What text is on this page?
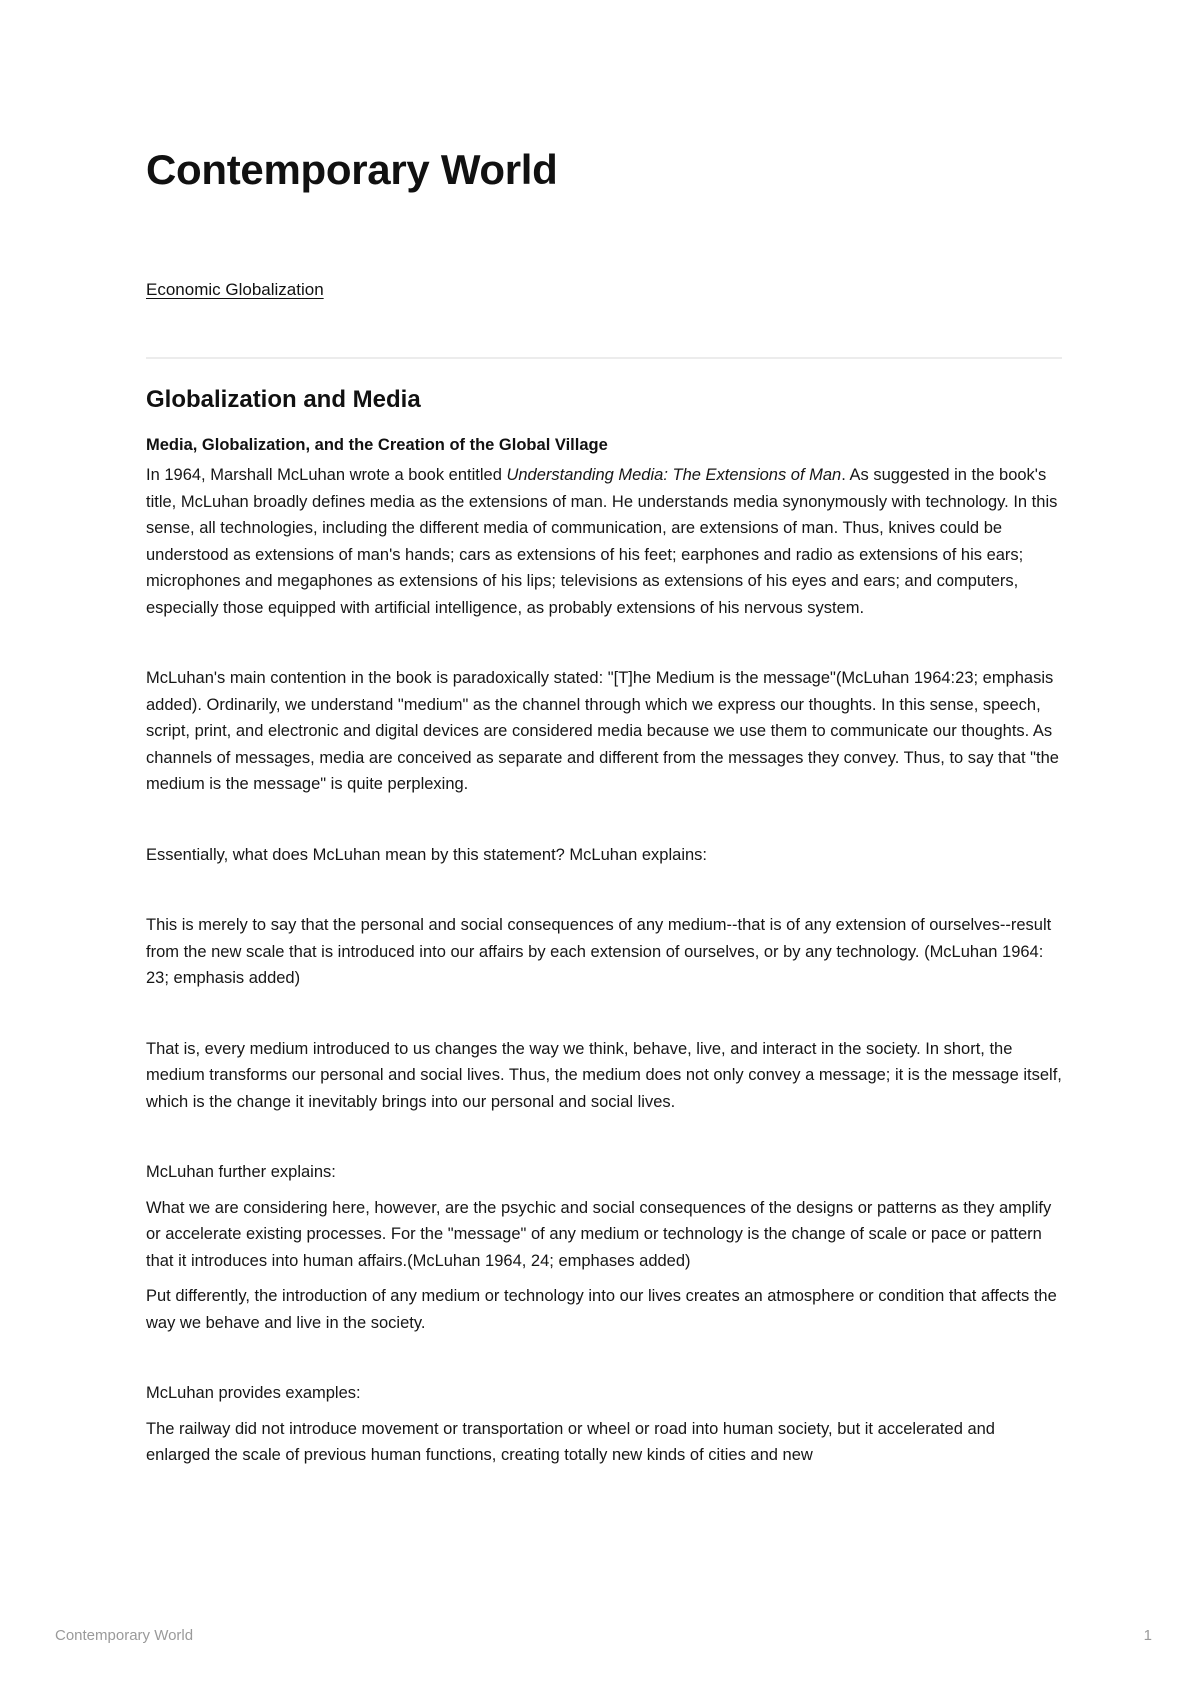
Contemporary World
Economic Globalization
Globalization and Media
Media, Globalization, and the Creation of the Global Village

In 1964, Marshall McLuhan wrote a book entitled Understanding Media: The Extensions of Man. As suggested in the book's title, McLuhan broadly defines media as the extensions of man. He understands media synonymously with technology. In this sense, all technologies, including the different media of communication, are extensions of man. Thus, knives could be understood as extensions of man's hands; cars as extensions of his feet; earphones and radio as extensions of his ears; microphones and megaphones as extensions of his lips; televisions as extensions of his eyes and ears; and computers, especially those equipped with artificial intelligence, as probably extensions of his nervous system.

McLuhan's main contention in the book is paradoxically stated: "[T]he Medium is the message"(McLuhan 1964:23; emphasis added). Ordinarily, we understand "medium" as the channel through which we express our thoughts. In this sense, speech, script, print, and electronic and digital devices are considered media because we use them to communicate our thoughts. As channels of messages, media are conceived as separate and different from the messages they convey. Thus, to say that "the medium is the message" is quite perplexing.

Essentially, what does McLuhan mean by this statement? McLuhan explains:

This is merely to say that the personal and social consequences of any medium--that is of any extension of ourselves--result from the new scale that is introduced into our affairs by each extension of ourselves, or by any technology. (McLuhan 1964: 23; emphasis added)

That is, every medium introduced to us changes the way we think, behave, live, and interact in the society. In short, the medium transforms our personal and social lives. Thus, the medium does not only convey a message; it is the message itself, which is the change it inevitably brings into our personal and social lives.

McLuhan further explains:

What we are considering here, however, are the psychic and social consequences of the designs or patterns as they amplify or accelerate existing processes. For the "message" of any medium or technology is the change of scale or pace or pattern that it introduces into human affairs.(McLuhan 1964, 24; emphases added)

Put differently, the introduction of any medium or technology into our lives creates an atmosphere or condition that affects the way we behave and live in the society.

McLuhan provides examples:

The railway did not introduce movement or transportation or wheel or road into human society, but it accelerated and enlarged the scale of previous human functions, creating totally new kinds of cities and new

Contemporary World	1
